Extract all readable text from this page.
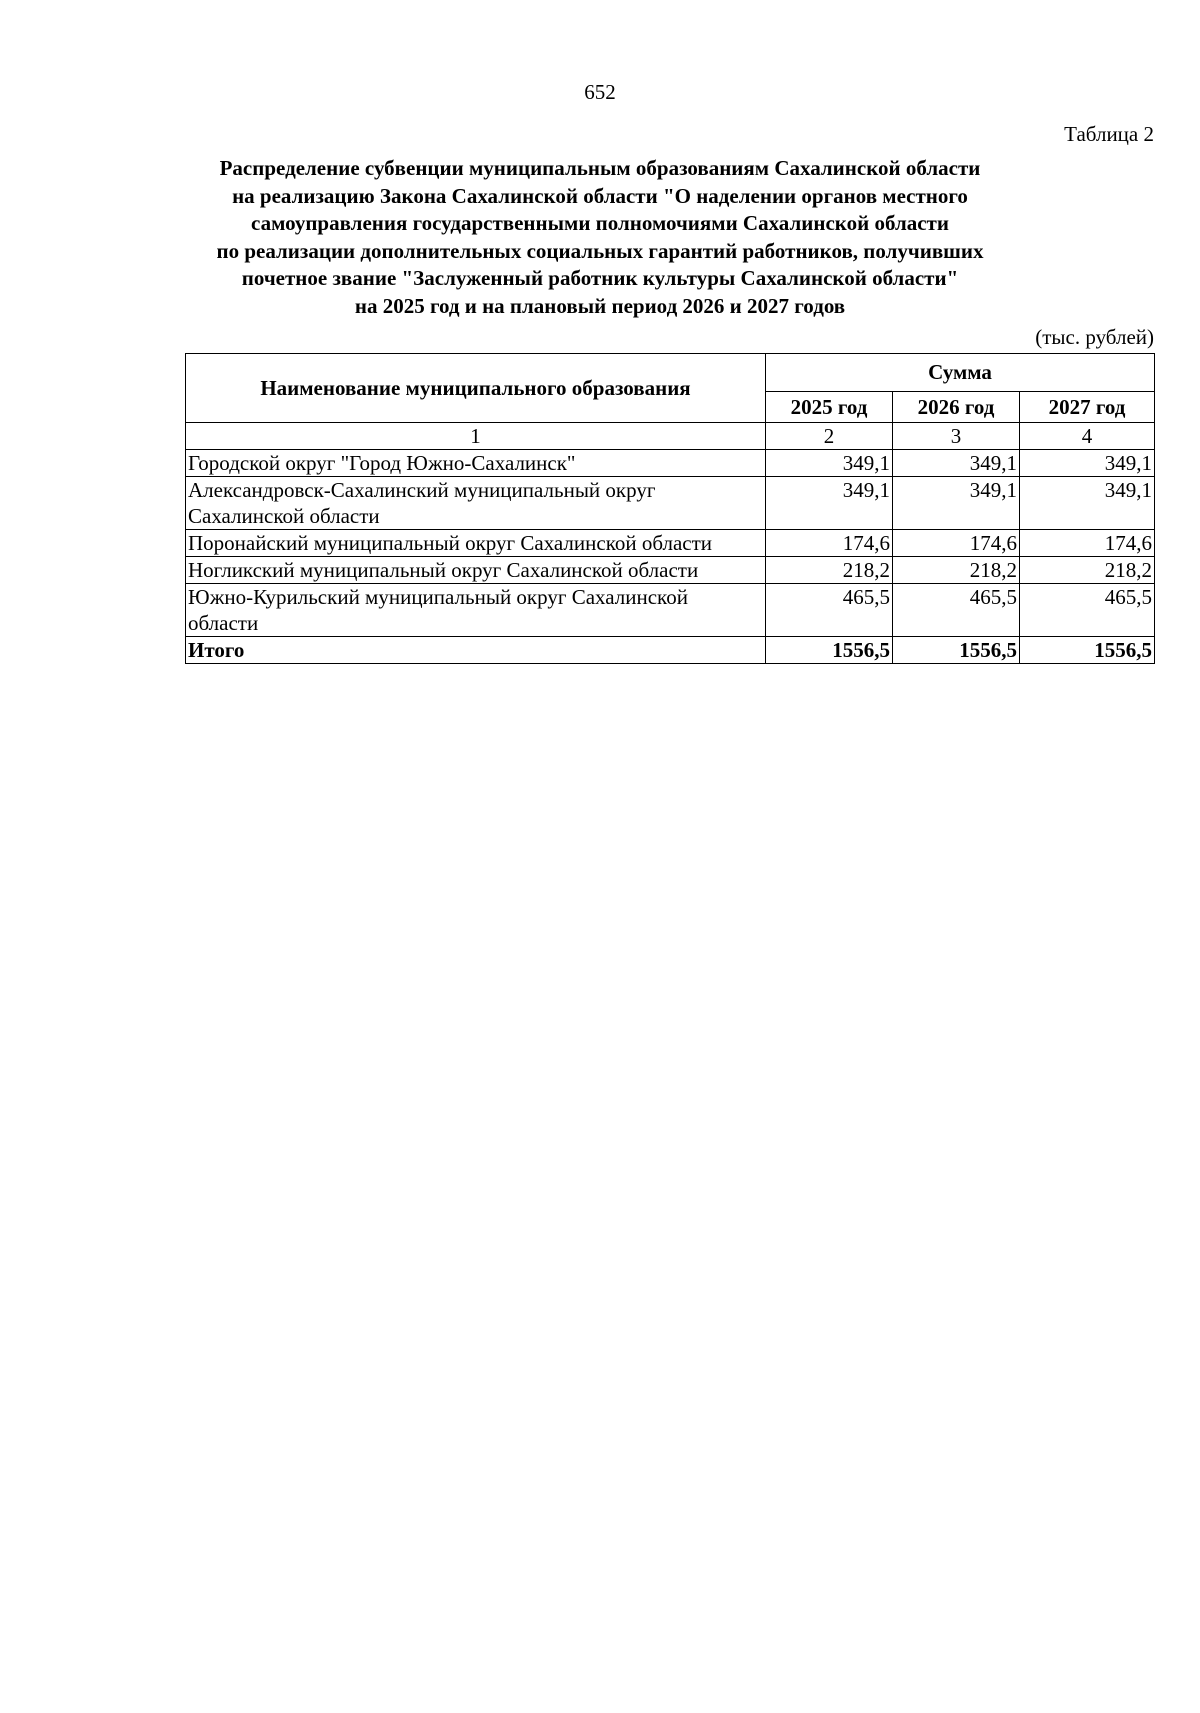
652
Таблица 2
Распределение субвенции муниципальным образованиям Сахалинской области
на реализацию Закона Сахалинской области "О наделении органов местного
самоуправления государственными полномочиями Сахалинской области
по реализации дополнительных социальных гарантий работников, получивших
почетное звание "Заслуженный работник культуры Сахалинской области"
на 2025 год и на плановый период 2026 и 2027 годов
(тыс. рублей)
Наименование муниципального образования	Сумма		
	2025 год	2026 год	2027 год
1	2	3	4
Городской округ "Город Южно-Сахалинск"	349,1	349,1	349,1
Александровск-Сахалинский муниципальный округ Сахалинской области	349,1	349,1	349,1
Поронайский муниципальный округ Сахалинской области	174,6	174,6	174,6
Ногликский муниципальный округ Сахалинской области	218,2	218,2	218,2
Южно-Курильский муниципальный округ Сахалинской области	465,5	465,5	465,5
Итого	1556,5	1556,5	1556,5
